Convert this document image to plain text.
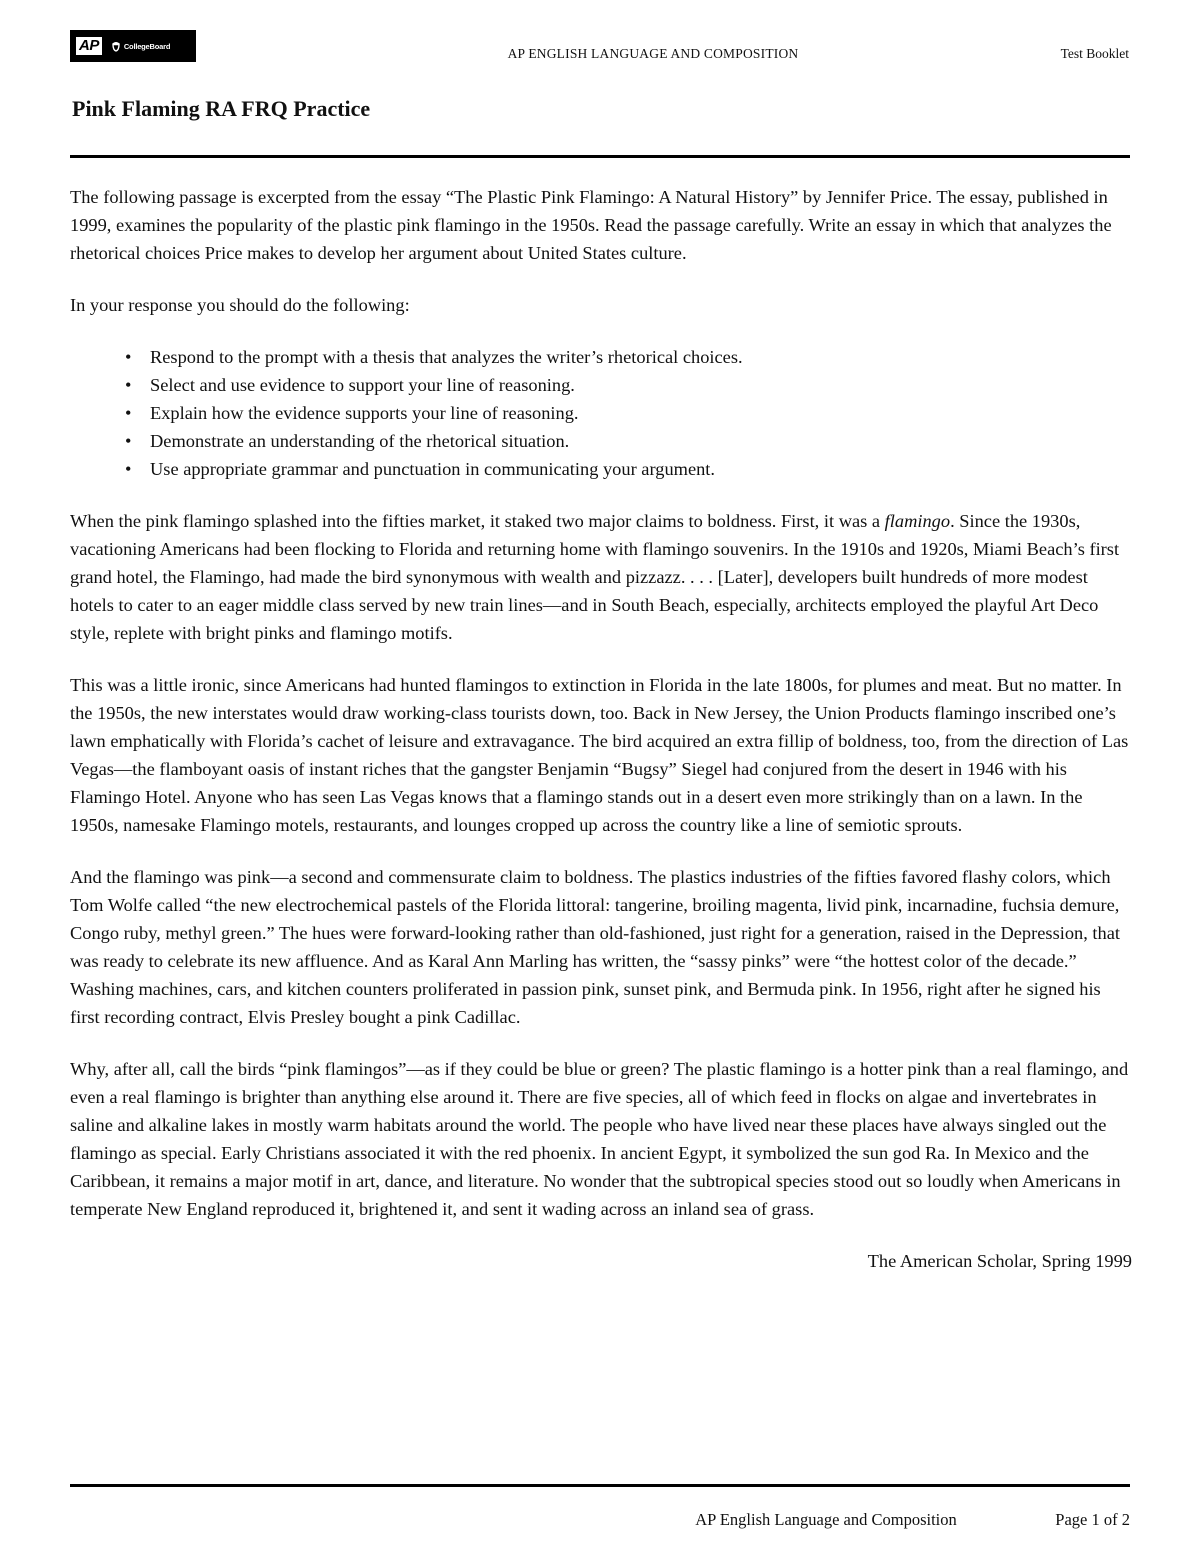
AP	CollegeBoard	AP ENGLISH LANGUAGE AND COMPOSITION	Test Booklet
Pink Flaming RA FRQ Practice

The following passage is excerpted from the essay “The Plastic Pink Flamingo: A Natural History” by Jennifer Price. The essay, published in 1999, examines the popularity of the plastic pink flamingo in the 1950s. Read the passage carefully. Write an essay in which that analyzes the rhetorical choices Price makes to develop her argument about United States culture.

In your response you should do the following:

• Respond to the prompt with a thesis that analyzes the writer’s rhetorical choices.
• Select and use evidence to support your line of reasoning.
• Explain how the evidence supports your line of reasoning.
• Demonstrate an understanding of the rhetorical situation.
• Use appropriate grammar and punctuation in communicating your argument.

When the pink flamingo splashed into the fifties market, it staked two major claims to boldness. First, it was a flamingo. Since the 1930s, vacationing Americans had been flocking to Florida and returning home with flamingo souvenirs. In the 1910s and 1920s, Miami Beach’s first grand hotel, the Flamingo, had made the bird synonymous with wealth and pizzazz. . . . [Later], developers built hundreds of more modest hotels to cater to an eager middle class served by new train lines—and in South Beach, especially, architects employed the playful Art Deco style, replete with bright pinks and flamingo motifs.

This was a little ironic, since Americans had hunted flamingos to extinction in Florida in the late 1800s, for plumes and meat. But no matter. In the 1950s, the new interstates would draw working-class tourists down, too. Back in New Jersey, the Union Products flamingo inscribed one’s lawn emphatically with Florida’s cachet of leisure and extravagance. The bird acquired an extra fillip of boldness, too, from the direction of Las Vegas—the flamboyant oasis of instant riches that the gangster Benjamin “Bugsy” Siegel had conjured from the desert in 1946 with his Flamingo Hotel. Anyone who has seen Las Vegas knows that a flamingo stands out in a desert even more strikingly than on a lawn. In the 1950s, namesake Flamingo motels, restaurants, and lounges cropped up across the country like a line of semiotic sprouts.

And the flamingo was pink—a second and commensurate claim to boldness. The plastics industries of the fifties favored flashy colors, which Tom Wolfe called “the new electrochemical pastels of the Florida littoral: tangerine, broiling magenta, livid pink, incarnadine, fuchsia demure, Congo ruby, methyl green.” The hues were forward-looking rather than old-fashioned, just right for a generation, raised in the Depression, that was ready to celebrate its new affluence. And as Karal Ann Marling has written, the “sassy pinks” were “the hottest color of the decade.” Washing machines, cars, and kitchen counters proliferated in passion pink, sunset pink, and Bermuda pink. In 1956, right after he signed his first recording contract, Elvis Presley bought a pink Cadillac.

Why, after all, call the birds “pink flamingos”—as if they could be blue or green? The plastic flamingo is a hotter pink than a real flamingo, and even a real flamingo is brighter than anything else around it. There are five species, all of which feed in flocks on algae and invertebrates in saline and alkaline lakes in mostly warm habitats around the world. The people who have lived near these places have always singled out the flamingo as special. Early Christians associated it with the red phoenix. In ancient Egypt, it symbolized the sun god Ra. In Mexico and the Caribbean, it remains a major motif in art, dance, and literature. No wonder that the subtropical species stood out so loudly when Americans in temperate New England reproduced it, brightened it, and sent it wading across an inland sea of grass.

The American Scholar, Spring 1999

AP English Language and Composition	Page 1 of 2
